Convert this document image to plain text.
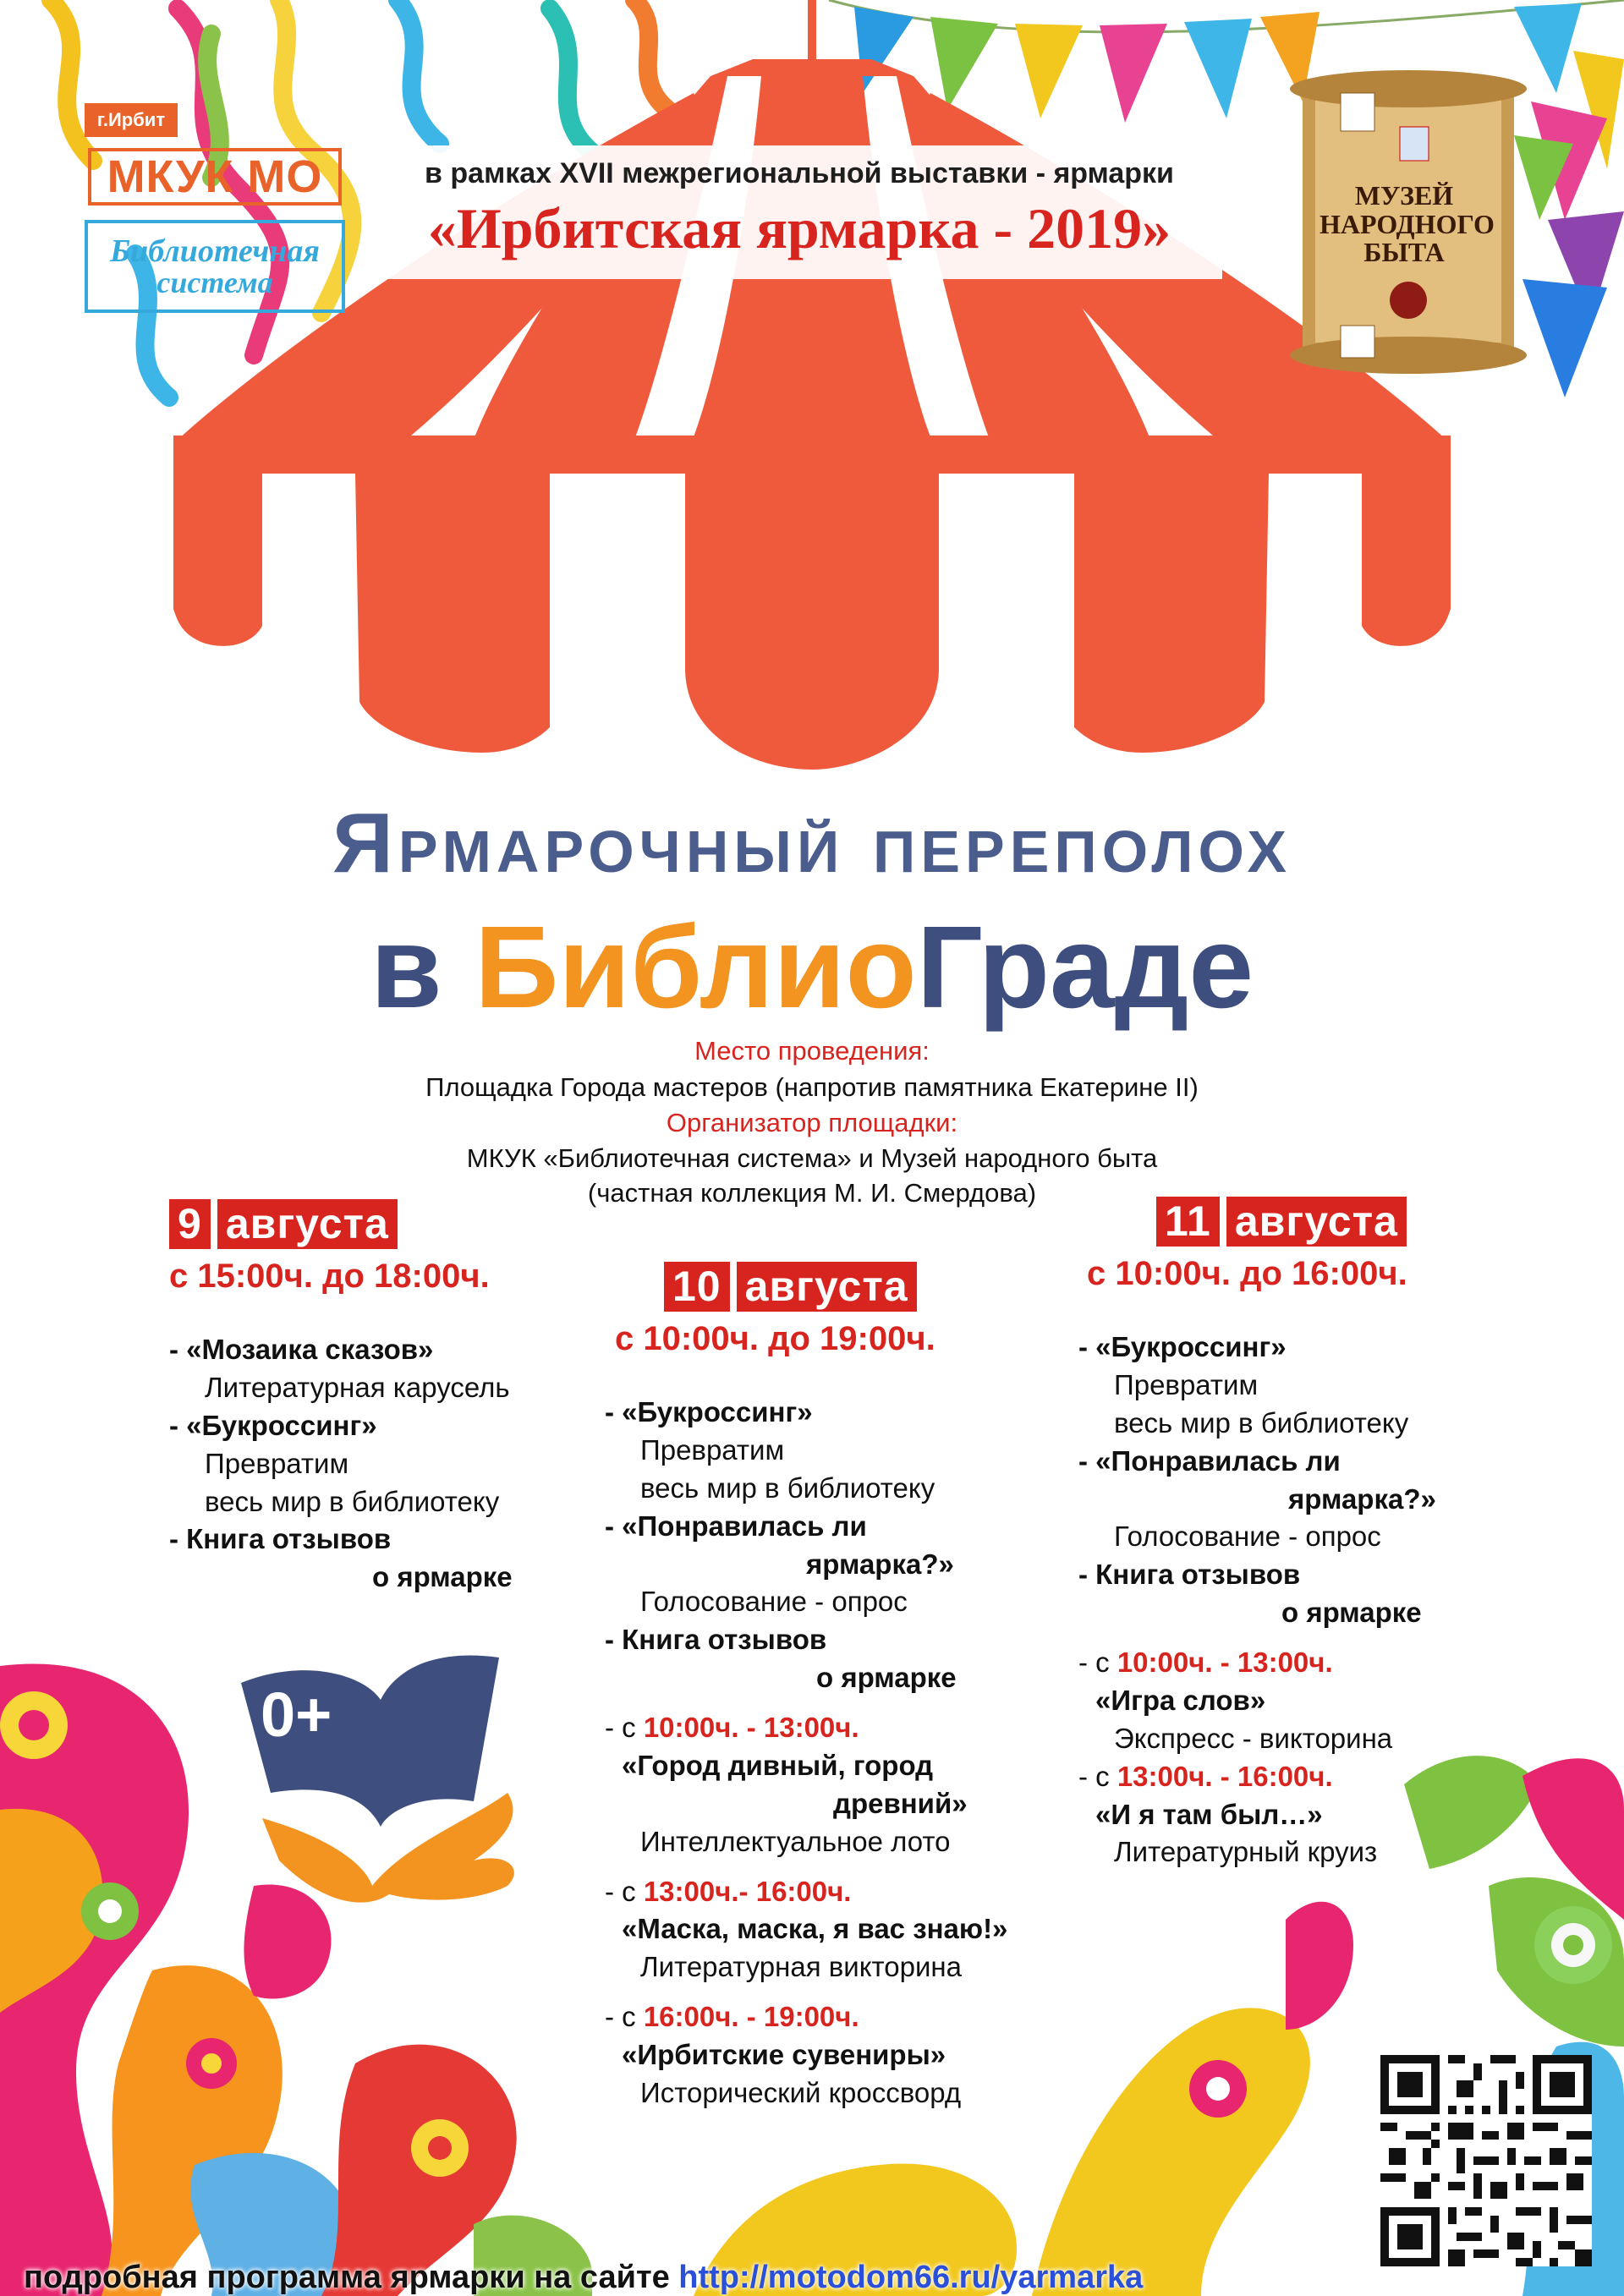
г.Ирбит
МКУК МО
Библиотечная
система
в рамках XVII межрегиональной выставки - ярмарки
«Ирбитская ярмарка - 2019»
МУЗЕЙ
НАРОДНОГО
БЫТА
Ярмарочный переполох
в БиблиоГраде
Место проведения:
Площадка Города мастеров (напротив памятника Екатерине II)
Организатор площадки:
МКУК «Библиотечная система» и Музей народного быта
(частная коллекция М. И. Смердова)
9 августа
с 15:00ч. до 18:00ч.
- «Мозаика сказов»
Литературная карусель
- «Букроссинг»
Превратим
весь мир в библиотеку
- Книга отзывов
о ярмарке
10 августа
с 10:00ч. до 19:00ч.
- «Букроссинг»
Превратим
весь мир в библиотеку
- «Понравилась ли
ярмарка?»
Голосование - опрос
- Книга отзывов
о ярмарке
- с 10:00ч. - 13:00ч.
«Город дивный, город
древний»
Интеллектуальное лото
- с 13:00ч.- 16:00ч.
«Маска, маска, я вас знаю!»
Литературная викторина
- с 16:00ч. - 19:00ч.
«Ирбитские сувениры»
Исторический кроссворд
11 августа
с 10:00ч. до 16:00ч.
- «Букроссинг»
Превратим
весь мир в библиотеку
- «Понравилась ли
ярмарка?»
Голосование - опрос
- Книга отзывов
о ярмарке
- с 10:00ч. - 13:00ч.
«Игра слов»
Экспресс - викторина
- с 13:00ч. - 16:00ч.
«И я там был…»
Литературный круиз
0+
подробная программа ярмарки на сайте http://motodom66.ru/yarmarka
